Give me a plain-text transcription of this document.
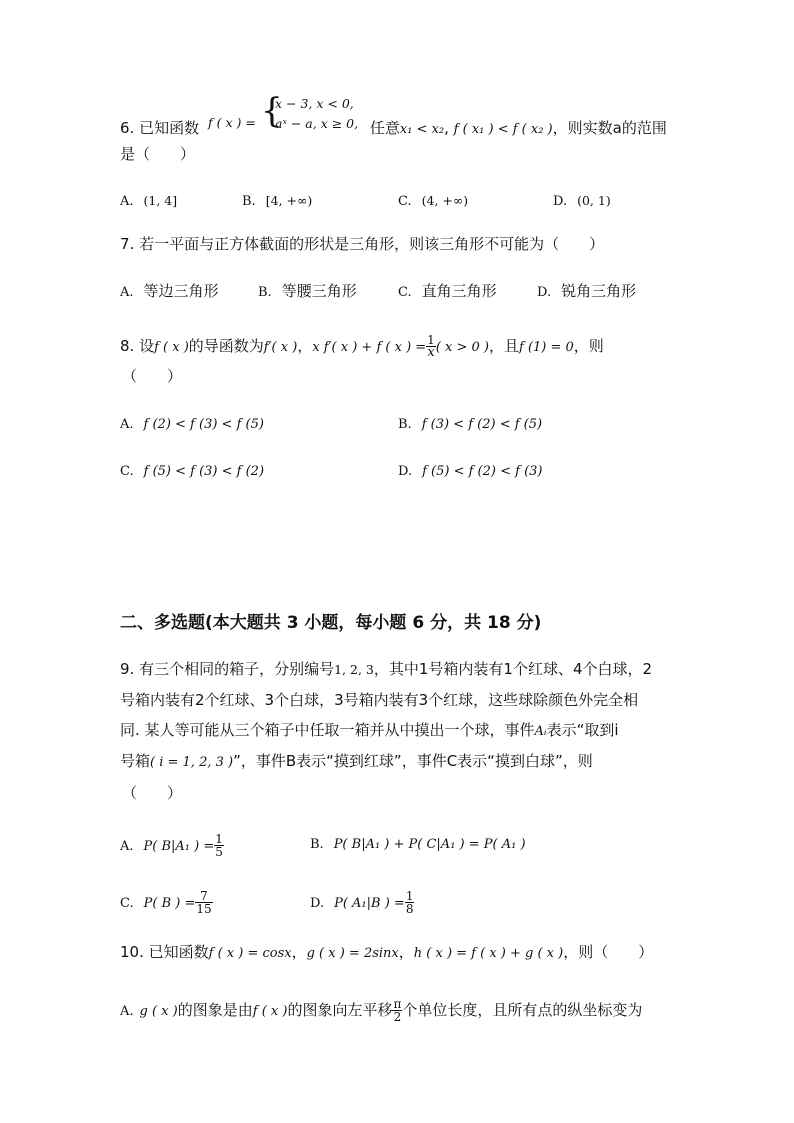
6. 已知函数	任意x₁ < x₂, f ( x₁ ) < f ( x₂ )，则实数a的范围
f ( x ) = {
x − 3, x < 0,
aˣ − a, x ≥ 0,
是（　　）
A. (1, 4]	B. [4, +∞)	C. (4, +∞)	D. (0, 1)
7. 若一平面与正方体截面的形状是三角形，则该三角形不可能为（　　）
A. 等边三角形	B. 等腰三角形	C. 直角三角形	D. 锐角三角形
8. 设f ( x )的导函数为f′( x )，x f′( x ) + f ( x ) = $\frac{1}{x}$ ( x > 0 )，且f (1) = 0，则
（　　）
A. f (2) < f (3) < f (5)	B. f (3) < f (2) < f (5)
C. f (5) < f (3) < f (2)	D. f (5) < f (2) < f (3)
二、多选题(本大题共 3 小题，每小题 6 分，共 18 分)
9. 有三个相同的箱子，分别编号1, 2, 3，其中1号箱内装有1个红球、4个白球，2
号箱内装有2个红球、3个白球，3号箱内装有3个红球，这些球除颜色外完全相
同. 某人等可能从三个箱子中任取一箱并从中摸出一个球，事件Aᵢ表示“取到i
号箱( i = 1, 2, 3 )”，事件B表示“摸到红球”，事件C表示“摸到白球”，则
（　　）
A. P( B|A₁ ) = $\frac{1}{5}$	B. P( B|A₁ ) + P( C|A₁ ) = P( A₁ )
C. P( B ) = $\frac{7}{15}$	D. P( A₁|B ) = $\frac{1}{8}$
10. 已知函数f ( x ) = cosx，g ( x ) = 2sinx，h ( x ) = f ( x ) + g ( x )，则（　　）
A. g ( x )的图象是由f ( x )的图象向左平移 $\frac{\pi}{2}$ 个单位长度，且所有点的纵坐标变为
